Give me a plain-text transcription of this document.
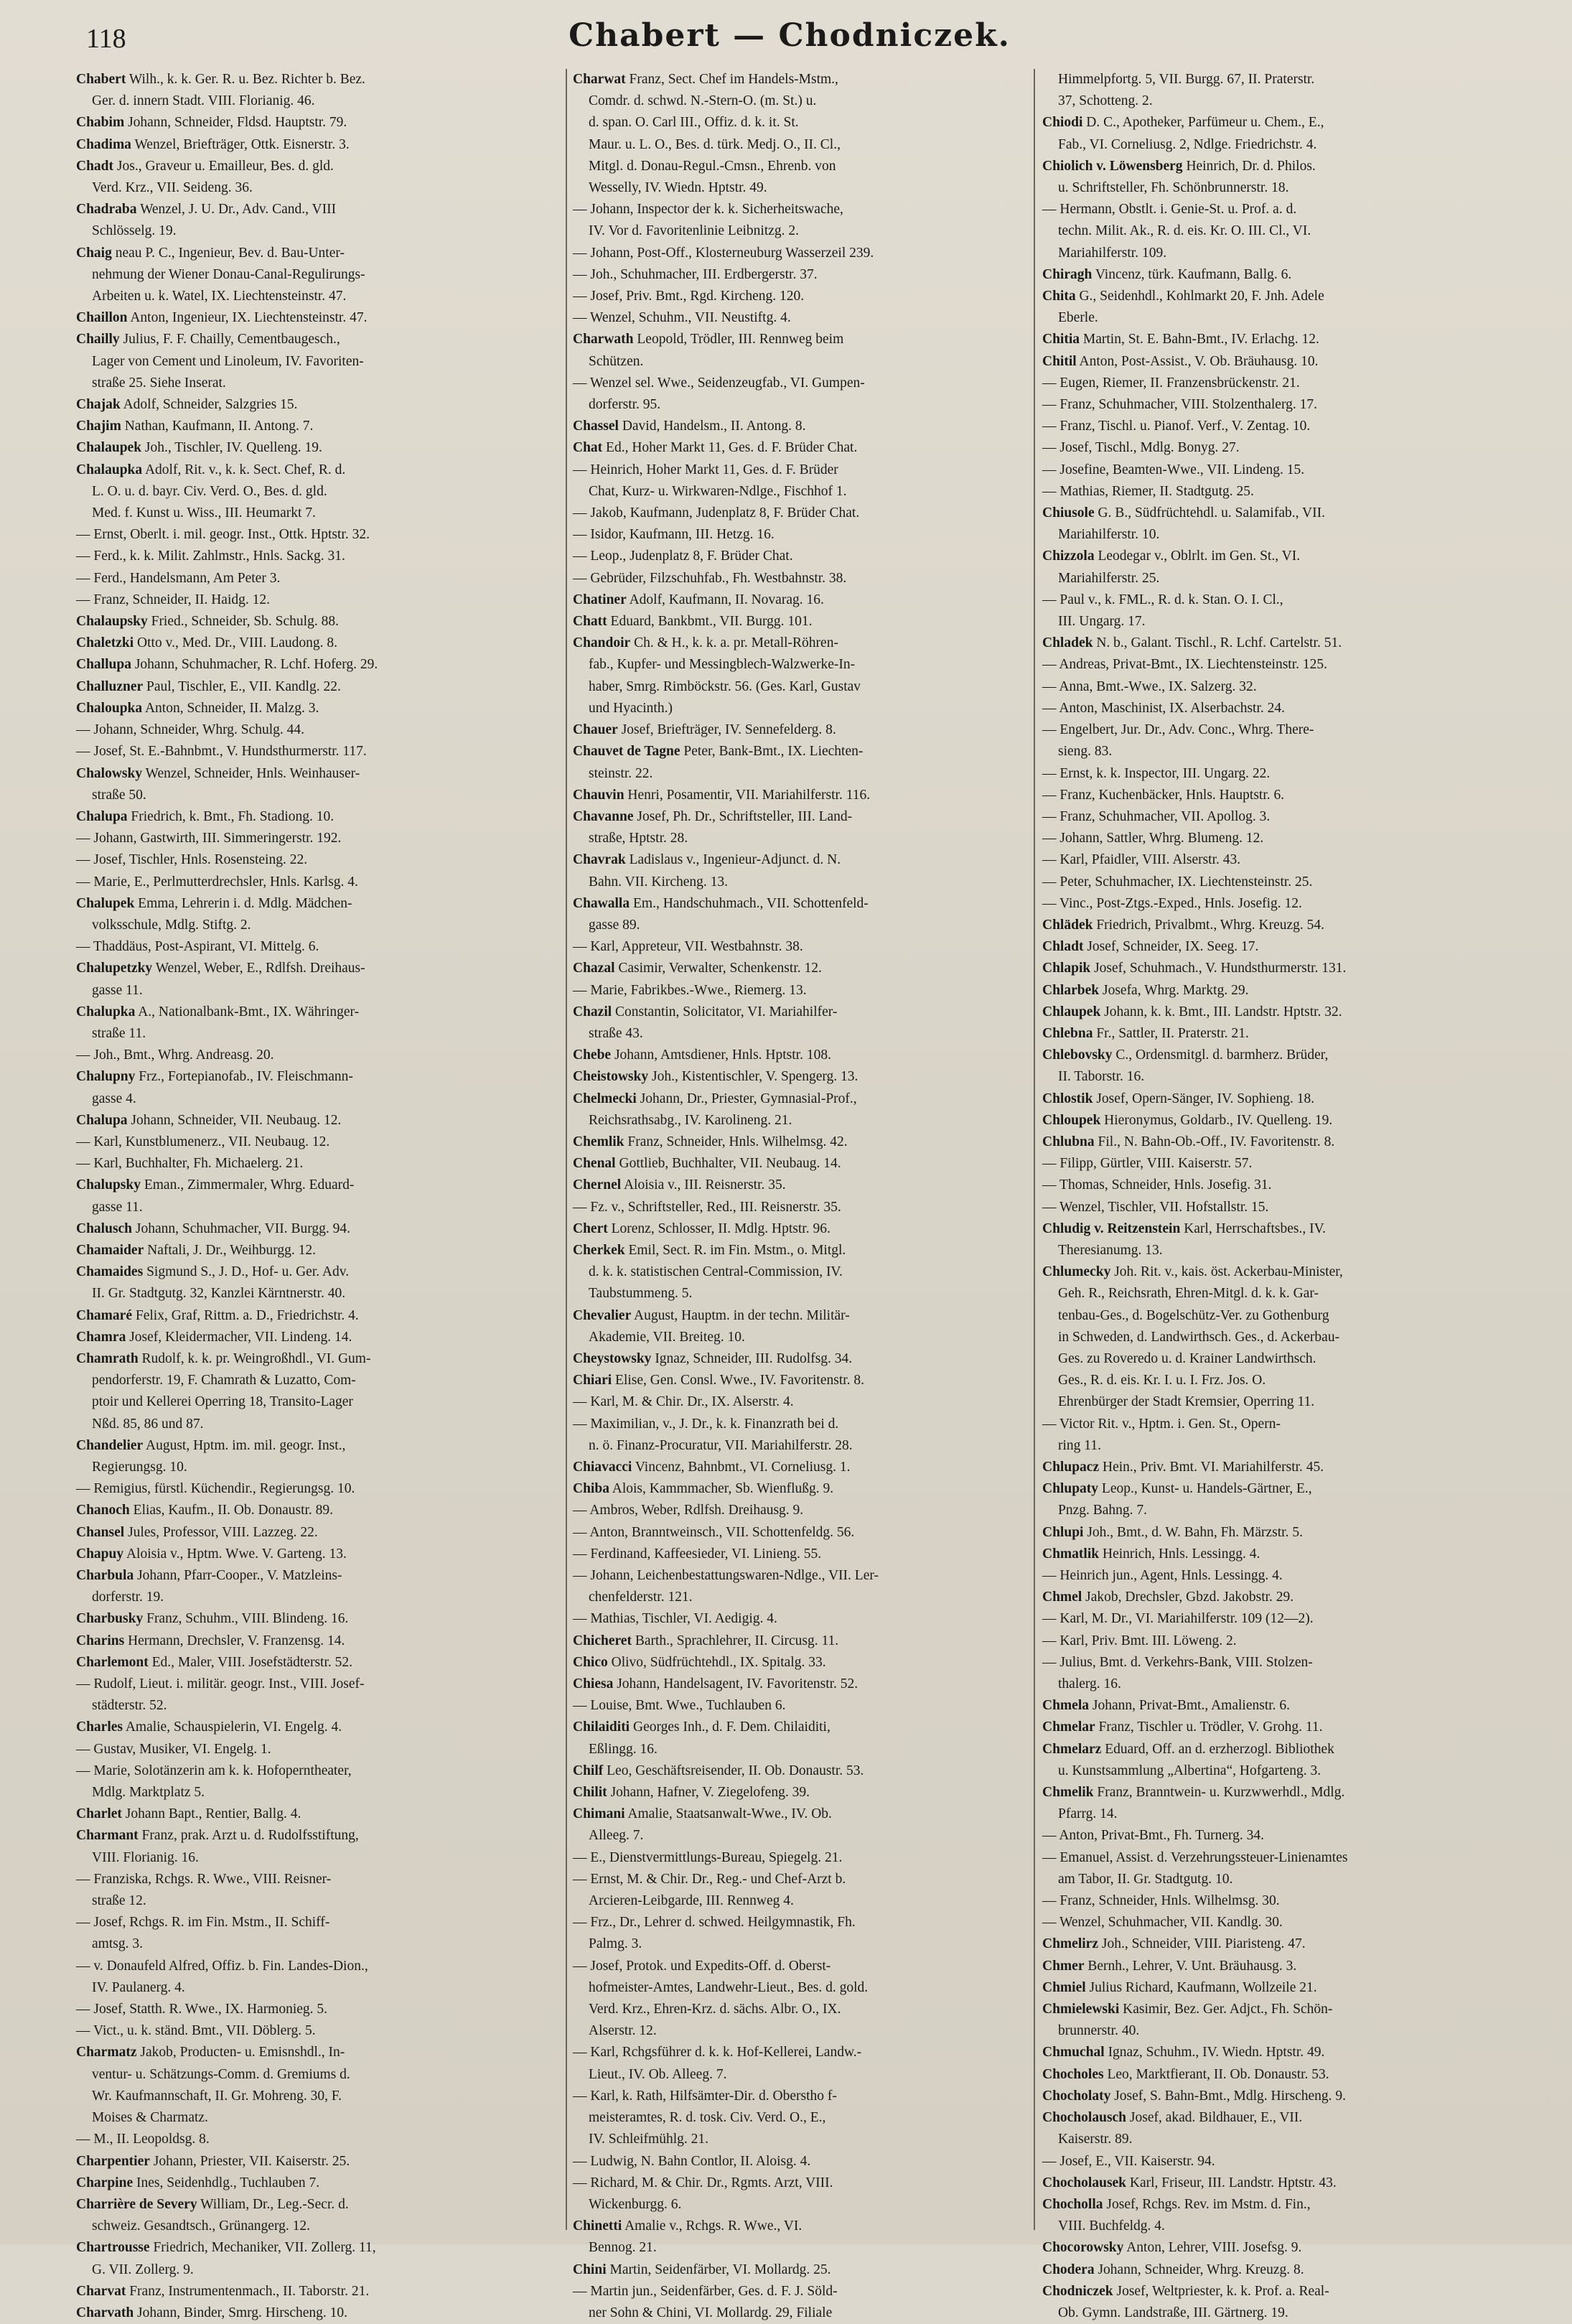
118	Chabert — Chodniczek.
Chabert Wilh., k. k. Ger. R. u. Bez. Richter b. Bez.
Ger. d. innern Stadt. VIII. Florianig. 46.
Chabim Johann, Schneider, Fldsd. Hauptstr. 79.
Chadima Wenzel, Briefträger, Ottk. Eisnerstr. 3.
Chadt Jos., Graveur u. Emailleur, Bes. d. gld.
Verd. Krz., VII. Seideng. 36.
Chadraba Wenzel, J. U. Dr., Adv. Cand., VIII
Schlösselg. 19.
Chaig neau P. C., Ingenieur, Bev. d. Bau-Unter-
nehmung der Wiener Donau-Canal-Regulirungs-
Arbeiten u. k. Watel, IX. Liechtensteinstr. 47.
Chaillon Anton, Ingenieur, IX. Liechtensteinstr. 47.
Chailly Julius, F. F. Chailly, Cementbaugesch.,
Lager von Cement und Linoleum, IV. Favoriten-
straße 25. Siehe Inserat.
Chajak Adolf, Schneider, Salzgries 15.
Chajim Nathan, Kaufmann, II. Antong. 7.
Chalaupek Joh., Tischler, IV. Quelleng. 19.
Chalaupka Adolf, Rit. v., k. k. Sect. Chef, R. d.
L. O. u. d. bayr. Civ. Verd. O., Bes. d. gld.
Med. f. Kunst u. Wiss., III. Heumarkt 7.
— Ernst, Oberlt. i. mil. geogr. Inst., Ottk. Hptstr. 32.
— Ferd., k. k. Milit. Zahlmstr., Hnls. Sackg. 31.
— Ferd., Handelsmann, Am Peter 3.
— Franz, Schneider, II. Haidg. 12.
Chalaupsky Fried., Schneider, Sb. Schulg. 88.
Chaletzki Otto v., Med. Dr., VIII. Laudong. 8.
Challupa Johann, Schuhmacher, R. Lchf. Hoferg. 29.
Challuzner Paul, Tischler, E., VII. Kandlg. 22.
Chaloupka Anton, Schneider, II. Malzg. 3.
— Johann, Schneider, Whrg. Schulg. 44.
— Josef, St. E.-Bahnbmt., V. Hundsthurmerstr. 117.
Chalowsky Wenzel, Schneider, Hnls. Weinhauser-
straße 50.
Chalupa Friedrich, k. Bmt., Fh. Stadiong. 10.
— Johann, Gastwirth, III. Simmeringerstr. 192.
— Josef, Tischler, Hnls. Rosensteing. 22.
— Marie, E., Perlmutterdrechsler, Hnls. Karlsg. 4.
Chalupek Emma, Lehrerin i. d. Mdlg. Mädchen-
volksschule, Mdlg. Stiftg. 2.
— Thaddäus, Post-Aspirant, VI. Mittelg. 6.
Chalupetzky Wenzel, Weber, E., Rdlfsh. Dreihaus-
gasse 11.
Chalupka A., Nationalbank-Bmt., IX. Währinger-
straße 11.
— Joh., Bmt., Whrg. Andreasg. 20.
Chalupny Frz., Fortepianofab., IV. Fleischmann-
gasse 4.
Chalupa Johann, Schneider, VII. Neubaug. 12.
— Karl, Kunstblumenerz., VII. Neubaug. 12.
— Karl, Buchhalter, Fh. Michaelerg. 21.
Chalupsky Eman., Zimmermaler, Whrg. Eduard-
gasse 11.
Chalusch Johann, Schuhmacher, VII. Burgg. 94.
Chamaider Naftali, J. Dr., Weihburgg. 12.
Chamaides Sigmund S., J. D., Hof- u. Ger. Adv.
II. Gr. Stadtgutg. 32, Kanzlei Kärntnerstr. 40.
Chamaré Felix, Graf, Rittm. a. D., Friedrichstr. 4.
Chamra Josef, Kleidermacher, VII. Lindeng. 14.
Chamrath Rudolf, k. k. pr. Weingroßhdl., VI. Gum-
pendorferstr. 19, F. Chamrath & Luzatto, Com-
ptoir und Kellerei Operring 18, Transito-Lager
Nßd. 85, 86 und 87.
Chandelier August, Hptm. im. mil. geogr. Inst.,
Regierungsg. 10.
— Remigius, fürstl. Küchendir., Regierungsg. 10.
Chanoch Elias, Kaufm., II. Ob. Donaustr. 89.
Chansel Jules, Professor, VIII. Lazzeg. 22.
Chapuy Aloisia v., Hptm. Wwe. V. Garteng. 13.
Charbula Johann, Pfarr-Cooper., V. Matzleins-
dorferstr. 19.
Charbusky Franz, Schuhm., VIII. Blindeng. 16.
Charins Hermann, Drechsler, V. Franzensg. 14.
Charlemont Ed., Maler, VIII. Josefstädterstr. 52.
— Rudolf, Lieut. i. militär. geogr. Inst., VIII. Josef-
städterstr. 52.
Charles Amalie, Schauspielerin, VI. Engelg. 4.
— Gustav, Musiker, VI. Engelg. 1.
— Marie, Solotänzerin am k. k. Hofoperntheater,
Mdlg. Marktplatz 5.
Charlet Johann Bapt., Rentier, Ballg. 4.
Charmant Franz, prak. Arzt u. d. Rudolfsstiftung,
VIII. Florianig. 16.
— Franziska, Rchgs. R. Wwe., VIII. Reisner-
straße 12.
— Josef, Rchgs. R. im Fin. Mstm., II. Schiff-
amtsg. 3.
— v. Donaufeld Alfred, Offiz. b. Fin. Landes-Dion.,
IV. Paulanerg. 4.
— Josef, Statth. R. Wwe., IX. Harmonieg. 5.
— Vict., u. k. ständ. Bmt., VII. Döblerg. 5.
Charmatz Jakob, Producten- u. Emisnshdl., In-
ventur- u. Schätzungs-Comm. d. Gremiums d.
Wr. Kaufmannschaft, II. Gr. Mohreng. 30, F.
Moises & Charmatz.
— M., II. Leopoldsg. 8.
Charpentier Johann, Priester, VII. Kaiserstr. 25.
Charpine Ines, Seidenhdlg., Tuchlauben 7.
Charrière de Severy William, Dr., Leg.-Secr. d.
schweiz. Gesandtsch., Grünangerg. 12.
Chartrousse Friedrich, Mechaniker, VII. Zollerg. 11,
G. VII. Zollerg. 9.
Charvat Franz, Instrumentenmach., II. Taborstr. 21.
Charvath Johann, Binder, Smrg. Hirscheng. 10.
Charwat Franz, Sect. Chef im Handels-Mstm.,
Comdr. d. schwd. N.-Stern-O. (m. St.) u.
d. span. O. Carl III., Offiz. d. k. it. St.
Maur. u. L. O., Bes. d. türk. Medj. O., II. Cl.,
Mitgl. d. Donau-Regul.-Cmsn., Ehrenb. von
Wesselly, IV. Wiedn. Hptstr. 49.
— Johann, Inspector der k. k. Sicherheitswache,
IV. Vor d. Favoritenlinie Leibnitzg. 2.
— Johann, Post-Off., Klosterneuburg Wasserzeil 239.
— Joh., Schuhmacher, III. Erdbergerstr. 37.
— Josef, Priv. Bmt., Rgd. Kircheng. 120.
— Wenzel, Schuhm., VII. Neustiftg. 4.
Charwath Leopold, Trödler, III. Rennweg beim
Schützen.
— Wenzel sel. Wwe., Seidenzeugfab., VI. Gumpen-
dorferstr. 95.
Chassel David, Handelsm., II. Antong. 8.
Chat Ed., Hoher Markt 11, Ges. d. F. Brüder Chat.
— Heinrich, Hoher Markt 11, Ges. d. F. Brüder
Chat, Kurz- u. Wirkwaren-Ndlge., Fischhof 1.
— Jakob, Kaufmann, Judenplatz 8, F. Brüder Chat.
— Isidor, Kaufmann, III. Hetzg. 16.
— Leop., Judenplatz 8, F. Brüder Chat.
— Gebrüder, Filzschuhfab., Fh. Westbahnstr. 38.
Chatiner Adolf, Kaufmann, II. Novarag. 16.
Chatt Eduard, Bankbmt., VII. Burgg. 101.
Chandoir Ch. & H., k. k. a. pr. Metall-Röhren-
fab., Kupfer- und Messingblech-Walzwerke-In-
haber, Smrg. Rimböckstr. 56. (Ges. Karl, Gustav
und Hyacinth.)
Chauer Josef, Briefträger, IV. Sennefelderg. 8.
Chauvet de Tagne Peter, Bank-Bmt., IX. Liechten-
steinstr. 22.
Chauvin Henri, Posamentir, VII. Mariahilferstr. 116.
Chavanne Josef, Ph. Dr., Schriftsteller, III. Land-
straße, Hptstr. 28.
Chavrak Ladislaus v., Ingenieur-Adjunct. d. N.
Bahn. VII. Kircheng. 13.
Chawalla Em., Handschuhmach., VII. Schottenfeld-
gasse 89.
— Karl, Appreteur, VII. Westbahnstr. 38.
Chazal Casimir, Verwalter, Schenkenstr. 12.
— Marie, Fabrikbes.-Wwe., Riemerg. 13.
Chazil Constantin, Solicitator, VI. Mariahilfer-
straße 43.
Chebe Johann, Amtsdiener, Hnls. Hptstr. 108.
Cheistowsky Joh., Kistentischler, V. Spengerg. 13.
Chelmecki Johann, Dr., Priester, Gymnasial-Prof.,
Reichsrathsabg., IV. Karolineng. 21.
Chemlik Franz, Schneider, Hnls. Wilhelmsg. 42.
Chenal Gottlieb, Buchhalter, VII. Neubaug. 14.
Chernel Aloisia v., III. Reisnerstr. 35.
— Fz. v., Schriftsteller, Red., III. Reisnerstr. 35.
Chert Lorenz, Schlosser, II. Mdlg. Hptstr. 96.
Cherkek Emil, Sect. R. im Fin. Mstm., o. Mitgl.
d. k. k. statistischen Central-Commission, IV.
Taubstummeng. 5.
Chevalier August, Hauptm. in der techn. Militär-
Akademie, VII. Breiteg. 10.
Cheystowsky Ignaz, Schneider, III. Rudolfsg. 34.
Chiari Elise, Gen. Consl. Wwe., IV. Favoritenstr. 8.
— Karl, M. & Chir. Dr., IX. Alserstr. 4.
— Maximilian, v., J. Dr., k. k. Finanzrath bei d.
n. ö. Finanz-Procuratur, VII. Mariahilferstr. 28.
Chiavacci Vincenz, Bahnbmt., VI. Corneliusg. 1.
Chiba Alois, Kammmacher, Sb. Wienflußg. 9.
— Ambros, Weber, Rdlfsh. Dreihausg. 9.
— Anton, Branntweinsch., VII. Schottenfeldg. 56.
— Ferdinand, Kaffeesieder, VI. Linieng. 55.
— Johann, Leichenbestattungswaren-Ndlge., VII. Ler-
chenfelderstr. 121.
— Mathias, Tischler, VI. Aedigig. 4.
Chicheret Barth., Sprachlehrer, II. Circusg. 11.
Chico Olivo, Südfrüchtehdl., IX. Spitalg. 33.
Chiesa Johann, Handelsagent, IV. Favoritenstr. 52.
— Louise, Bmt. Wwe., Tuchlauben 6.
Chilaiditi Georges Inh., d. F. Dem. Chilaiditi,
Eßlingg. 16.
Chilf Leo, Geschäftsreisender, II. Ob. Donaustr. 53.
Chilit Johann, Hafner, V. Ziegelofeng. 39.
Chimani Amalie, Staatsanwalt-Wwe., IV. Ob.
Alleeg. 7.
— E., Dienstvermittlungs-Bureau, Spiegelg. 21.
— Ernst, M. & Chir. Dr., Reg.- und Chef-Arzt b.
Arcieren-Leibgarde, III. Rennweg 4.
— Frz., Dr., Lehrer d. schwed. Heilgymnastik, Fh.
Palmg. 3.
— Josef, Protok. und Expedits-Off. d. Oberst-
hofmeister-Amtes, Landwehr-Lieut., Bes. d. gold.
Verd. Krz., Ehren-Krz. d. sächs. Albr. O., IX.
Alserstr. 12.
— Karl, Rchgsführer d. k. k. Hof-Kellerei, Landw.-
Lieut., IV. Ob. Alleeg. 7.
— Karl, k. Rath, Hilfsämter-Dir. d. Oberstho f-
meisteramtes, R. d. tosk. Civ. Verd. O., E.,
IV. Schleifmühlg. 21.
— Ludwig, N. Bahn Contlor, II. Aloisg. 4.
— Richard, M. & Chir. Dr., Rgmts. Arzt, VIII.
Wickenburgg. 6.
Chinetti Amalie v., Rchgs. R. Wwe., VI.
Bennog. 21.
Chini Martin, Seidenfärber, VI. Mollardg. 25.
— Martin jun., Seidenfärber, Ges. d. F. J. Söld-
ner Sohn & Chini, VI. Mollardg. 29, Filiale
Himmelpfortg. 5, VII. Burgg. 67, II. Praterstr.
37, Schotteng. 2.
Chiodi D. C., Apotheker, Parfümeur u. Chem., E.,
Fab., VI. Corneliusg. 2, Ndlge. Friedrichstr. 4.
Chiolich v. Löwensberg Heinrich, Dr. d. Philos.
u. Schriftsteller, Fh. Schönbrunnerstr. 18.
— Hermann, Obstlt. i. Genie-St. u. Prof. a. d.
techn. Milit. Ak., R. d. eis. Kr. O. III. Cl., VI.
Mariahilferstr. 109.
Chiragh Vincenz, türk. Kaufmann, Ballg. 6.
Chita G., Seidenhdl., Kohlmarkt 20, F. Jnh. Adele
Eberle.
Chitia Martin, St. E. Bahn-Bmt., IV. Erlachg. 12.
Chitil Anton, Post-Assist., V. Ob. Bräuhausg. 10.
— Eugen, Riemer, II. Franzensbrückenstr. 21.
— Franz, Schuhmacher, VIII. Stolzenthalerg. 17.
— Franz, Tischl. u. Pianof. Verf., V. Zentag. 10.
— Josef, Tischl., Mdlg. Bonyg. 27.
— Josefine, Beamten-Wwe., VII. Lindeng. 15.
— Mathias, Riemer, II. Stadtgutg. 25.
Chiusole G. B., Südfrüchtehdl. u. Salamifab., VII.
Mariahilferstr. 10.
Chizzola Leodegar v., Oblrlt. im Gen. St., VI.
Mariahilferstr. 25.
— Paul v., k. FML., R. d. k. Stan. O. I. Cl.,
III. Ungarg. 17.
Chladek N. b., Galant. Tischl., R. Lchf. Cartelstr. 51.
— Andreas, Privat-Bmt., IX. Liechtensteinstr. 125.
— Anna, Bmt.-Wwe., IX. Salzerg. 32.
— Anton, Maschinist, IX. Alserbachstr. 24.
— Engelbert, Jur. Dr., Adv. Conc., Whrg. There-
sieng. 83.
— Ernst, k. k. Inspector, III. Ungarg. 22.
— Franz, Kuchenbäcker, Hnls. Hauptstr. 6.
— Franz, Schuhmacher, VII. Apollog. 3.
— Johann, Sattler, Whrg. Blumeng. 12.
— Karl, Pfaidler, VIII. Alserstr. 43.
— Peter, Schuhmacher, IX. Liechtensteinstr. 25.
— Vinc., Post-Ztgs.-Exped., Hnls. Josefig. 12.
Chlädek Friedrich, Privalbmt., Whrg. Kreuzg. 54.
Chladt Josef, Schneider, IX. Seeg. 17.
Chlapik Josef, Schuhmach., V. Hundsthurmerstr. 131.
Chlarbek Josefa, Whrg. Marktg. 29.
Chlaupek Johann, k. k. Bmt., III. Landstr. Hptstr. 32.
Chlebna Fr., Sattler, II. Praterstr. 21.
Chlebovsky C., Ordensmitgl. d. barmherz. Brüder,
II. Taborstr. 16.
Chlostik Josef, Opern-Sänger, IV. Sophieng. 18.
Chloupek Hieronymus, Goldarb., IV. Quelleng. 19.
Chlubna Fil., N. Bahn-Ob.-Off., IV. Favoritenstr. 8.
— Filipp, Gürtler, VIII. Kaiserstr. 57.
— Thomas, Schneider, Hnls. Josefig. 31.
— Wenzel, Tischler, VII. Hofstallstr. 15.
Chludig v. Reitzenstein Karl, Herrschaftsbes., IV.
Theresianumg. 13.
Chlumecky Joh. Rit. v., kais. öst. Ackerbau-Minister,
Geh. R., Reichsrath, Ehren-Mitgl. d. k. k. Gar-
tenbau-Ges., d. Bogelschütz-Ver. zu Gothenburg
in Schweden, d. Landwirthsch. Ges., d. Ackerbau-
Ges. zu Roveredo u. d. Krainer Landwirthsch.
Ges., R. d. eis. Kr. I. u. I. Frz. Jos. O.
Ehrenbürger der Stadt Kremsier, Operring 11.
— Victor Rit. v., Hptm. i. Gen. St., Opern-
ring 11.
Chlupacz Hein., Priv. Bmt. VI. Mariahilferstr. 45.
Chlupaty Leop., Kunst- u. Handels-Gärtner, E.,
Pnzg. Bahng. 7.
Chlupi Joh., Bmt., d. W. Bahn, Fh. Märzstr. 5.
Chmatlik Heinrich, Hnls. Lessingg. 4.
— Heinrich jun., Agent, Hnls. Lessingg. 4.
Chmel Jakob, Drechsler, Gbzd. Jakobstr. 29.
— Karl, M. Dr., VI. Mariahilferstr. 109 (12—2).
— Karl, Priv. Bmt. III. Löweng. 2.
— Julius, Bmt. d. Verkehrs-Bank, VIII. Stolzen-
thalerg. 16.
Chmela Johann, Privat-Bmt., Amalienstr. 6.
Chmelar Franz, Tischler u. Trödler, V. Grohg. 11.
Chmelarz Eduard, Off. an d. erzherzogl. Bibliothek
u. Kunstsammlung „Albertina“, Hofgarteng. 3.
Chmelik Franz, Branntwein- u. Kurzwwerhdl., Mdlg.
Pfarrg. 14.
— Anton, Privat-Bmt., Fh. Turnerg. 34.
— Emanuel, Assist. d. Verzehrungssteuer-Linienamtes
am Tabor, II. Gr. Stadtgutg. 10.
— Franz, Schneider, Hnls. Wilhelmsg. 30.
— Wenzel, Schuhmacher, VII. Kandlg. 30.
Chmelirz Joh., Schneider, VIII. Piaristeng. 47.
Chmer Bernh., Lehrer, V. Unt. Bräuhausg. 3.
Chmiel Julius Richard, Kaufmann, Wollzeile 21.
Chmielewski Kasimir, Bez. Ger. Adjct., Fh. Schön-
brunnerstr. 40.
Chmuchal Ignaz, Schuhm., IV. Wiedn. Hptstr. 49.
Chocholes Leo, Marktfierant, II. Ob. Donaustr. 53.
Chocholaty Josef, S. Bahn-Bmt., Mdlg. Hirscheng. 9.
Chocholausch Josef, akad. Bildhauer, E., VII.
Kaiserstr. 89.
— Josef, E., VII. Kaiserstr. 94.
Chocholausek Karl, Friseur, III. Landstr. Hptstr. 43.
Chocholla Josef, Rchgs. Rev. im Mstm. d. Fin.,
VIII. Buchfeldg. 4.
Chocorowsky Anton, Lehrer, VIII. Josefsg. 9.
Chodera Johann, Schneider, Whrg. Kreuzg. 8.
Chodniczek Josef, Weltpriester, k. k. Prof. a. Real-
Ob. Gymn. Landstraße, III. Gärtnerg. 19.
